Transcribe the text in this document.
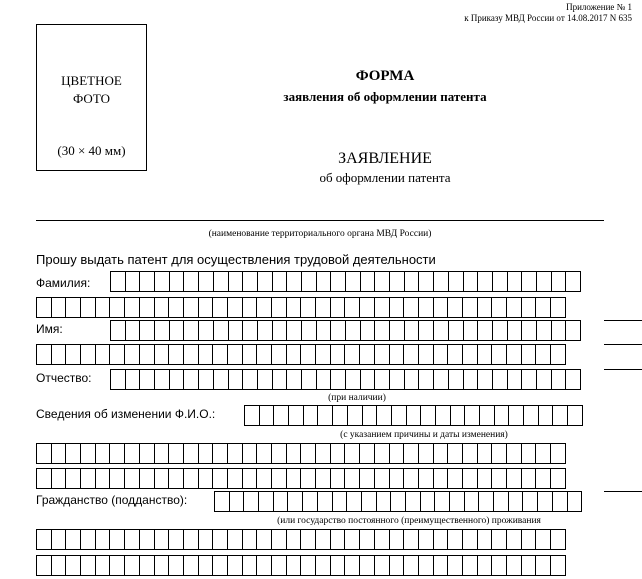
Приложение № 1
к Приказу МВД России от 14.08.2017 N 635
ЦВЕТНОЕ
ФОТО
(30 × 40 мм)
ФОРМА
заявления об оформлении патента
ЗАЯВЛЕНИЕ
об оформлении патента
(наименование территориального органа МВД России)
Прошу выдать патент для осуществления трудовой деятельности
Фамилия:
Имя:
Отчество:
(при наличии)
Сведения об изменении Ф.И.О.:
(с указанием причины и даты изменения)
Гражданство (подданство):
(или государство постоянного (преимущественного) проживания
